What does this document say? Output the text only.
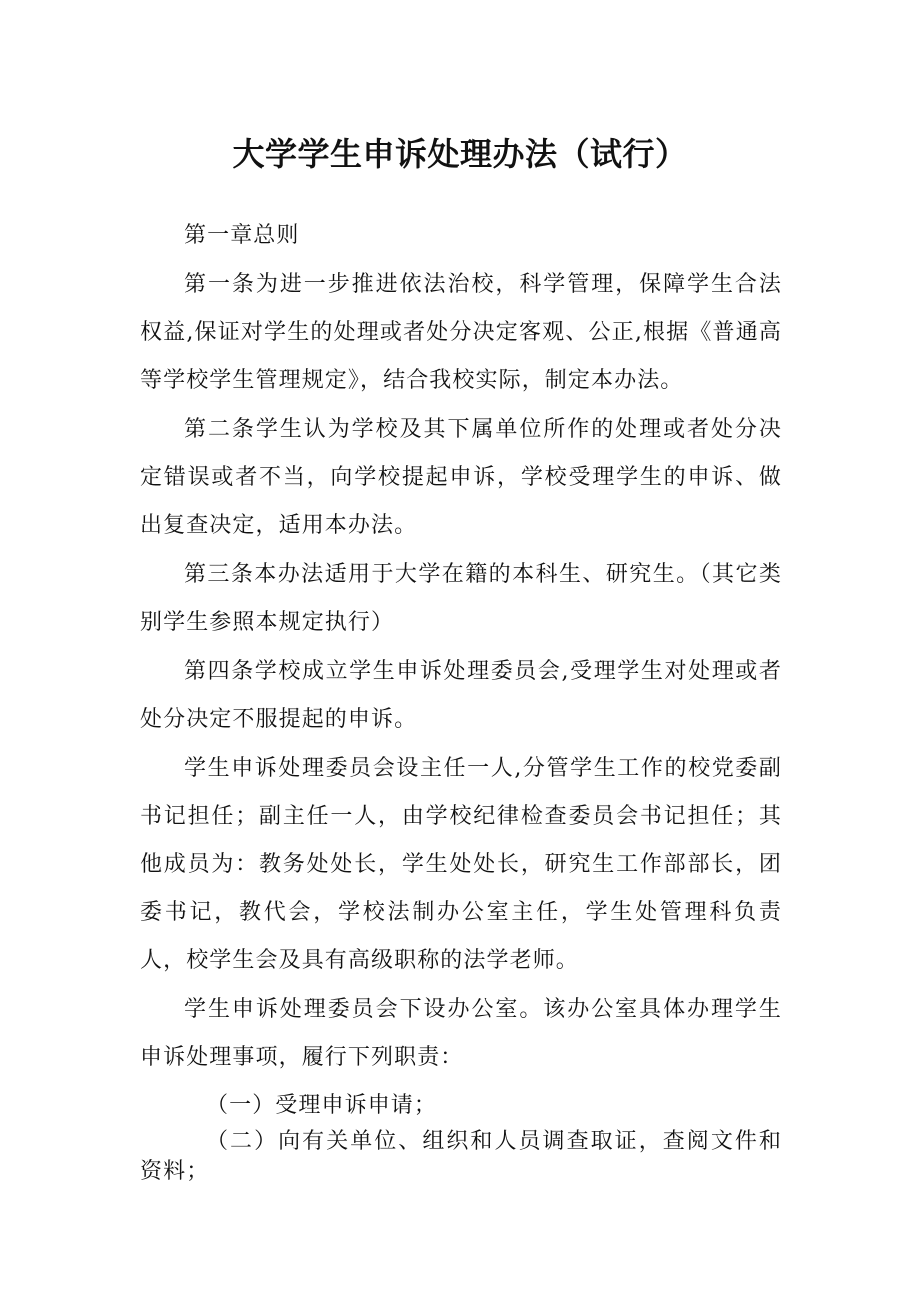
大学学生申诉处理办法（试行）

第一章总则

第一条为进一步推进依法治校，科学管理，保障学生合法权益,保证对学生的处理或者处分决定客观、公正,根据《普通高等学校学生管理规定》，结合我校实际，制定本办法。

第二条学生认为学校及其下属单位所作的处理或者处分决定错误或者不当，向学校提起申诉，学校受理学生的申诉、做出复查决定，适用本办法。

第三条本办法适用于大学在籍的本科生、研究生。（其它类别学生参照本规定执行）

第四条学校成立学生申诉处理委员会,受理学生对处理或者处分决定不服提起的申诉。

学生申诉处理委员会设主任一人,分管学生工作的校党委副书记担任；副主任一人，由学校纪律检查委员会书记担任；其他成员为：教务处处长，学生处处长，研究生工作部部长，团委书记，教代会，学校法制办公室主任，学生处管理科负责人，校学生会及具有高级职称的法学老师。

学生申诉处理委员会下设办公室。该办公室具体办理学生申诉处理事项，履行下列职责：

（一）受理申诉申请；

（二）向有关单位、组织和人员调查取证，查阅文件和资料；
